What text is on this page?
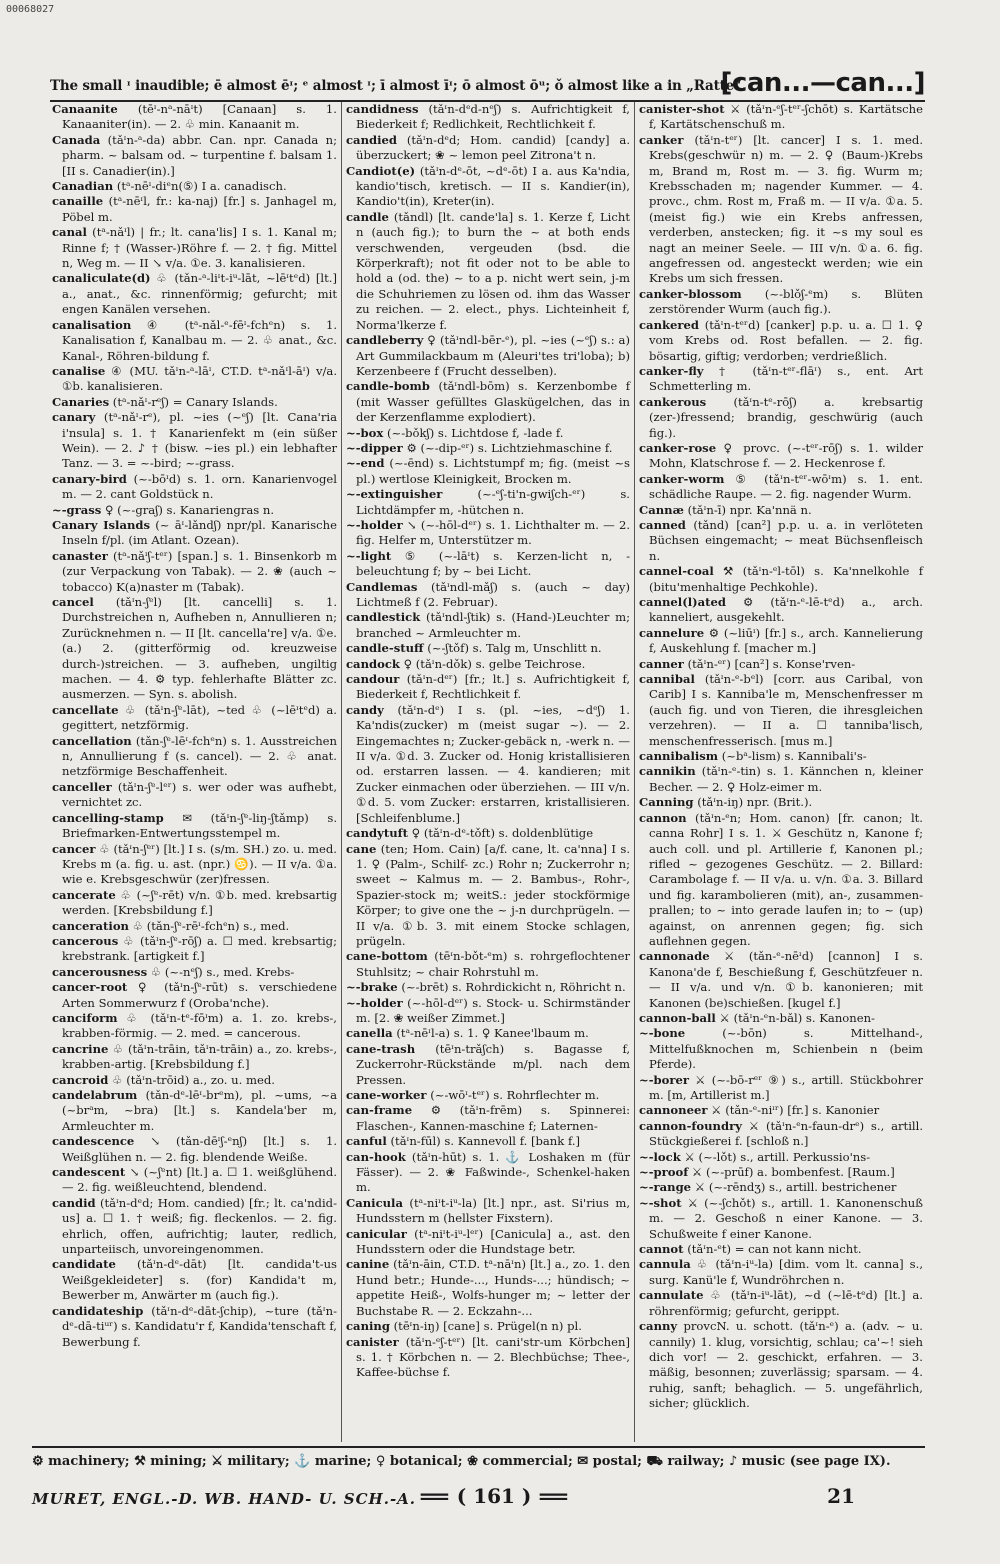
00068027
The small ᶦ inaudible; ē almost ēᶦ; ᵉ almost ᶦ; ī almost īᶦ; ō almost ōᵘ; ǒ almost like a in „Ratte“.
[can...—can...]

Canaanite (tēᶦ-nᵃ-nāᶦt) [Canaan] s. 1. Kanaaniter(in). — 2. ♧ min. Kanaanit m.

Canada (tǎᶦn-ᵃ-da) abbr. Can. npr. Canada n; pharm. ~ balsam od. ~ turpentine f. balsam 1. [II s. Canadier(in).]

Canadian (tᵃ-nēᶦ-diᵉn(⑤) I a. canadisch.

canaille (tᵃ-nēᶦl, fr.: ka-naj) [fr.] s. Janhagel m, Pöbel m.

canal (tᵃ-nǎᶦl) | fr.; lt. cana'lis] I s. 1. Kanal m; Rinne f; † (Wasser-)Röhre f. — 2. † fig. Mittel n, Weg m. — II ↘ v/a. ①e. 3. kanalisieren.

canaliculate(d) ♧ (tǎn-ᵃ-liᶦt-iᵘ-lāt, ~lēᶦtᵉd) [lt.] a., anat., &c. rinnenförmig; gefurcht; mit engen Kanälen versehen.

canalisation ④ (tᵃ-nǎl-ᵉ-fēᶦ-fchᵉn) s. 1. Kanalisation f, Kanalbau m. — 2. ♧ anat., &c. Kanal-, Röhren-bildung f.

canalise ④ (MU. tǎᶦn-ᵃ-lāᶦ, CT.D. tᵃ-nǎᶦl-āᶦ) v/a. ①b. kanalisieren.

Canaries (tᵃ-nǎᶦ-rᵉʃ) = Canary Islands.

canary (tᵃ-nǎᶦ-rᵉ), pl. ~ies (~ᵉʃ) [lt. Cana'ria i'nsula] s. 1. † Kanarienfekt m (ein süßer Wein). — 2. ♪ † (bisw. ~ies pl.) ein lebhafter Tanz. — 3. = ~-bird; ~-grass.

canary-bird (~-bōᶦd) s. 1. orn. Kanarienvogel m. — 2. cant Goldstück n.

~-grass ♀ (~-graʃ) s. Kanariengras n.

Canary Islands (~ āᶦ-lǎndʃ) npr/pl. Kanarische Inseln f/pl. (im Atlant. Ozean).

canaster (tᵃ-nǎᶦʃ-tᵉʳ) [span.] s. 1. Binsenkorb m (zur Verpackung von Tabak). — 2. ❀ (auch ~ tobacco) K(a)naster m (Tabak).

cancel (tǎᶦn-ʃᵉl) [lt. cancelli] s. 1. Durchstreichen n, Aufheben n, Annullieren n; Zurücknehmen n. — II [lt. cancella're] v/a. ①e.(a.) 2. (gitterförmig od. kreuzweise durch-)streichen. — 3. aufheben, ungiltig machen. — 4. ⚙ typ. fehlerhafte Blätter zc. ausmerzen. — Syn. s. abolish.

cancellate ♧ (tǎᶦn-ʃᵉ-lāt), ~ted ♧ (~lēᶦtᵉd) a. gegittert, netzförmig.

cancellation (tǎn-ʃᵉ-lēᶦ-fchᵉn) s. 1. Ausstreichen n, Annullierung f (s. cancel). — 2. ♧ anat. netzförmige Beschaffenheit.

canceller (tǎᶦn-ʃᵉ-lᵉʳ) s. wer oder was aufhebt, vernichtet zc.

cancelling-stamp ✉ (tǎᶦn-ʃᵉ-liŋ-ʃtǎmp) s. Briefmarken-Entwertungsstempel m.

cancer ♧ (tǎᶦn-ʃᵉʳ) [lt.] I s. (s/m. SH.) zo. u. med. Krebs m (a. fig. u. ast. (npr.) ♋). — II v/a. ①a. wie e. Krebsgeschwür (zer)fressen.

cancerate ♧ (~ʃᵉ-rēt) v/n. ①b. med. krebsartig werden. [Krebsbildung f.]

canceration ♧ (tǎn-ʃᵉ-rēᶦ-fchᵉn) s., med.

cancerous ♧ (tǎᶦn-ʃᵉ-rōʃ) a. ☐ med. krebsartig; krebstrank. [artigkeit f.]

cancerousness ♧ (~-nᵉʃ) s., med. Krebs-

cancer-root ♀ (tǎᶦn-ʃᵉ-rūt) s. verschiedene Arten Sommerwurz f (Oroba'nche).

canciform ♧ (tǎᶦn-tᵉ-fōᶦm) a. 1. zo. krebs-, krabben-förmig. — 2. med. = cancerous.

cancrine ♧ (tǎᶦn-trāin, tǎᶦn-trāin) a., zo. krebs-, krabben-artig. [Krebsbildung f.]

cancroid ♧ (tǎᶦn-trōid) a., zo. u. med.

candelabrum (tǎn-dᵉ-lēᶦ-brᵉm), pl. ~ums, ~a (~brᵃm, ~bra) [lt.] s. Kandela'ber m, Armleuchter m.

candescence ↘ (tǎn-dēᶦʃ-ᵉnʃ) [lt.] s. 1. Weißglühen n. — 2. fig. blendende Weiße.

candescent ↘ (~ʃᵉnt) [lt.] a. ☐ 1. weißglühend. — 2. fig. weißleuchtend, blendend.

candid (tǎᶦn-dᵉd; Hom. candied) [fr.; lt. ca'ndid-us] a. ☐ 1. † weiß; fig. fleckenlos. — 2. fig. ehrlich, offen, aufrichtig; lauter, redlich, unparteiisch, unvoreingenommen.

candidate (tǎᶦn-dᵉ-dāt) [lt. candida't-us Weißgekleideter] s. (for) Kandida't m, Bewerber m, Anwärter m (auch fig.).

candidateship (tǎᶦn-dᵉ-dāt-ʃchip), ~ture (tǎᶦn-dᵉ-dā-tiᵘʳ) s. Kandidatu'r f, Kandida'tenschaft f, Bewerbung f.

candidness (tǎᶦn-dᵉd-nᵉʃ) s. Aufrichtigkeit f, Biederkeit f; Redlichkeit, Rechtlichkeit f.

candied (tǎᶦn-dᵉd; Hom. candid) [candy] a. überzuckert; ❀ ~ lemon peel Zitrona't n.

Candiot(e) (tǎᶦn-dᵉ-ōt, ~dᵉ-ōt) I a. aus Ka'ndia, kandio'tisch, kretisch. — II s. Kandier(in), Kandio't(in), Kreter(in).

candle (tǎndl) [lt. cande'la] s. 1. Kerze f, Licht n (auch fig.); to burn the ~ at both ends verschwenden, vergeuden (bsd. die Körperkraft); not fit oder not to be able to hold a (od. the) ~ to a p. nicht wert sein, j-m die Schuhriemen zu lösen od. ihm das Wasser zu reichen. — 2. elect., phys. Lichteinheit f, Norma'lkerze f.

candleberry ♀ (tǎᶦndl-bēr-ᵉ), pl. ~ies (~ᵉʃ) s.: a) Art Gummilackbaum m (Aleuri'tes tri'loba); b) Kerzenbeere f (Frucht desselben).

candle-bomb (tǎᶦndl-bōm) s. Kerzenbombe f (mit Wasser gefülltes Glaskügelchen, das in der Kerzenflamme explodiert).

~-box (~-bǒkʃ) s. Lichtdose f, -lade f.

~-dipper ⚙ (~-dip-ᵉʳ) s. Lichtziehmaschine f.

~-end (~-ēnd) s. Lichtstumpf m; fig. (meist ~s pl.) wertlose Kleinigkeit, Brocken m.

~-extinguisher	(~-ᵉʃ-ti'n-gwiʃch-ᵉʳ) s. Lichtdämpfer m, -hütchen n.

~-holder ↘ (~-hōl-dᵉʳ) s. 1. Lichthalter m. — 2. fig. Helfer m, Unterstützer m.

~-light ⑤ (~-lāᶦt) s. Kerzen-licht n, -beleuchtung f; by ~ bei Licht.

Candlemas (tǎᶦndl-mǎʃ) s. (auch ~ day) Lichtmeß f (2. Februar).

candlestick (tǎᶦndl-ʃtik) s. (Hand-)Leuchter m; branched ~ Armleuchter m.

candle-stuff (~-ʃtǒf) s. Talg m, Unschlitt n.

candock ♀ (tǎᶦn-dǒk) s. gelbe Teichrose.

candour (tǎᶦn-dᵉʳ) [fr.; lt.] s. Aufrichtigkeit f, Biederkeit f, Rechtlichkeit f.

candy (tǎᶦn-dᵉ) I s. (pl. ~ies, ~dᵉʃ) 1. Ka'ndis(zucker) m (meist sugar ~). — 2. Eingemachtes n; Zucker-gebäck n, -werk n. — II v/a. ①d. 3. Zucker od. Honig kristallisieren od. erstarren lassen. — 4. kandieren; mit Zucker einmachen oder überziehen. — III v/n. ①d. 5. vom Zucker: erstarren, kristallisieren. [Schleifenblume.]

candytuft ♀ (tǎᶦn-dᵉ-tǒft) s. doldenblütige

cane (ten; Hom. Cain) [a/f. cane, lt. ca'nna] I s. 1. ♀ (Palm-, Schilf- zc.) Rohr n; Zuckerrohr n; sweet ~ Kalmus m. — 2. Bambus-, Rohr-, Spazier-stock m; weitS.: jeder stockförmige Körper; to give one the ~ j-n durchprügeln. — II v/a. ①b. 3. mit einem Stocke schlagen, prügeln.

cane-bottom (tēᶦn-bǒt-ᵉm) s. rohrgeflochtener Stuhlsitz; ~ chair Rohrstuhl m.

~-brake (~-brēt) s. Rohrdickicht n, Röhricht n.

~-holder (~-hōl-dᵉʳ) s. Stock- u. Schirmständer m. [2. ❀ weißer Zimmet.]

canella (tᵃ-nēᶦl-a) s. 1. ♀ Kanee'lbaum m.

cane-trash (tēᶦn-trǎʃch) s. Bagasse f, Zuckerrohr-Rückstände m/pl. nach dem Pressen.

cane-worker (~-wōᶦ-tᵉʳ) s. Rohrflechter m.

can-frame ⚙ (tǎᶦn-frēm) s. Spinnerei: Flaschen-, Kannen-maschine f; Laternen-

canful (tǎᶦn-fūl) s. Kannevoll f. [bank f.]

can-hook (tǎᶦn-hūt) s. 1. ⚓ Loshaken m (für Fässer). — 2. ❀ Faßwinde-, Schenkel-haken m.

Canicula (tᵃ-niᶦt-iᵘ-la) [lt.] npr., ast. Si'rius m, Hundsstern m (hellster Fixstern).

canicular (tᵃ-niᶦt-iᵘ-lᵉʳ) [Canicula] a., ast. den Hundsstern oder die Hundstage betr.

canine (tǎᶦn-āin, CT.D. tᵃ-nāᶦn) [lt.] a., zo. 1. den Hund betr.; Hunde-..., Hunds-...; hündisch; ~ appetite Heiß-, Wolfs-hunger m; ~ letter der Buchstabe R. — 2. Eckzahn-...

caning (tēᶦn-iŋ) [cane] s. Prügel(n n) pl.

canister (tǎᶦn-ᵉʃ-tᵉʳ) [lt. cani'str-um Körbchen] s. 1. † Körbchen n. — 2. Blechbüchse; Thee-, Kaffee-büchse f.

canister-shot ⚔ (tǎᶦn-ᵉʃ-tᵉʳ-ʃchōt) s. Kartätsche f, Kartätschenschuß m.

canker (tǎᶦn-tᵉʳ) [lt. cancer] I s. 1. med. Krebs(geschwür n) m. — 2. ♀ (Baum-)Krebs m, Brand m, Rost m. — 3. fig. Wurm m; Krebsschaden m; nagender Kummer. — 4. provc., chm. Rost m, Fraß m. — II v/a. ①a. 5. (meist fig.) wie ein Krebs anfressen, verderben, anstecken; fig. it ~s my soul es nagt an meiner Seele. — III v/n. ①a. 6. fig. angefressen od. angesteckt werden; wie ein Krebs um sich fressen.

canker-blossom (~-blǒʃ-ᵉm) s. Blüten zerstörender Wurm (auch fig.).

cankered (tǎᶦn-tᵉʳd) [canker] p.p. u. a. ☐ 1. ♀ vom Krebs od. Rost befallen. — 2. fig. bösartig, giftig; verdorben; verdrießlich.

canker-fly † (tǎᶦn-tᵉʳ-flāᶦ) s., ent. Art Schmetterling m.

cankerous (tǎᶦn-tᵉ-rōʃ) a. krebsartig (zer-)fressend; brandig, geschwürig (auch fig.).

canker-rose ♀ provc. (~-tᵉʳ-rōʃ) s. 1. wilder Mohn, Klatschrose f. — 2. Heckenrose f.

canker-worm ⑤ (tǎᶦn-tᵉʳ-wōᶦm) s. 1. ent. schädliche Raupe. — 2. fig. nagender Wurm.

Cannæ (tǎᶦn-ī) npr. Ka'nnä n.

canned (tǎnd) [can²] p.p. u. a. in verlöteten Büchsen eingemacht; ~ meat Büchsenfleisch n.

cannel-coal ⚒ (tǎᶦn-ᵉl-tōl) s. Ka'nnelkohle f (bitu'menhaltige Pechkohle).

cannel(l)ated ⚙ (tǎᶦn-ᵉ-lē-tᵉd) a., arch. kanneliert, ausgekehlt.

cannelure ⚙ (~liūᶦ) [fr.] s., arch. Kannelierung f, Auskehlung f. [macher m.]

canner (tǎᶦn-ᵉʳ) [can²] s. Konse'rven-

cannibal (tǎᶦn-ᵉ-bᵉl) [corr. aus Caribal, von Carib] I s. Kanniba'le m, Menschenfresser m (auch fig. und von Tieren, die ihresgleichen verzehren). — II a. ☐ tanniba'lisch, menschenfresserisch. [mus m.]

cannibalism (~bᵃ-lism) s. Kannibali's-

cannikin (tǎᶦn-ᵉ-tin) s. 1. Kännchen n, kleiner Becher. — 2. ♀ Holz-eimer m.

Canning (tǎᶦn-iŋ) npr. (Brit.).

cannon (tǎᶦn-ᵉn; Hom. canon) [fr. canon; lt. canna Rohr] I s. 1. ⚔ Geschütz n, Kanone f; auch coll. und pl. Artillerie f, Kanonen pl.; rifled ~ gezogenes Geschütz. — 2. Billard: Carambolage f. — II v/a. u. v/n. ①a. 3. Billard und fig. karambolieren (mit), an-, zusammen-prallen; to ~ into gerade laufen in; to ~ (up) against, on anrennen gegen; fig. sich auflehnen gegen.

cannonade ⚔ (tǎn-ᵉ-nēᶦd) [cannon] I s. Kanona'de f, Beschießung f, Geschützfeuer n. — II v/a. und v/n. ①b. kanonieren; mit Kanonen (be)schießen. [kugel f.]

cannon-ball ⚔ (tǎᶦn-ᵉn-bǎl) s. Kanonen-

~-bone	(~-bōn) s. Mittelhand-, Mittelfußknochen m, Schienbein n (beim Pferde).

~-borer ⚔ (~-bō-rᵉʳ ⑨) s., artill. Stückbohrer m. [m, Artillerist m.]

cannoneer ⚔ (tǎn-ᵉ-niᶦʳ) [fr.] s. Kanonier

cannon-foundry ⚔ (tǎᶦn-ᵉn-faun-drᵉ) s., artill. Stückgießerei f. [schloß n.]

~-lock ⚔ (~-lǒt) s., artill. Perkussio'ns-

~-proof ⚔ (~-prūf) a. bombenfest. [Raum.]

~-range ⚔ (~-rēndʒ) s., artill. bestrichener

~-shot ⚔ (~-ʃchǒt) s., artill. 1. Kanonenschuß m. — 2. Geschoß n einer Kanone. — 3. Schußweite f einer Kanone.

cannot (tǎᶦn-ᵉt) = can not kann nicht.

cannula ♧ (tǎᶦn-iᵘ-la) [dim. vom lt. canna] s., surg. Kanü'le f, Wundröhrchen n.

cannulate ♧ (tǎᶦn-iᵘ-lāt), ~d (~lē-tᵉd) [lt.] a. röhrenförmig; gefurcht, gerippt.

canny provcN. u. schott. (tǎᶦn-ᵉ) a. (adv. ~ u. cannily) 1. klug, vorsichtig, schlau; ca'~! sieh dich vor! — 2. geschickt, erfahren. — 3. mäßig, besonnen; zuverlässig; sparsam. — 4. ruhig, sanft; behaglich. — 5. ungefährlich, sicher; glücklich.

⚙ machinery; ⚒ mining; ⚔ military; ⚓ marine; ♀ botanical; ❀ commercial; ✉ postal; ⛟ railway; ♪ music (see page IX).
MURET, ENGL.-D. WB. HAND- U. SCH.-A.
=	( 161 ) =	21
